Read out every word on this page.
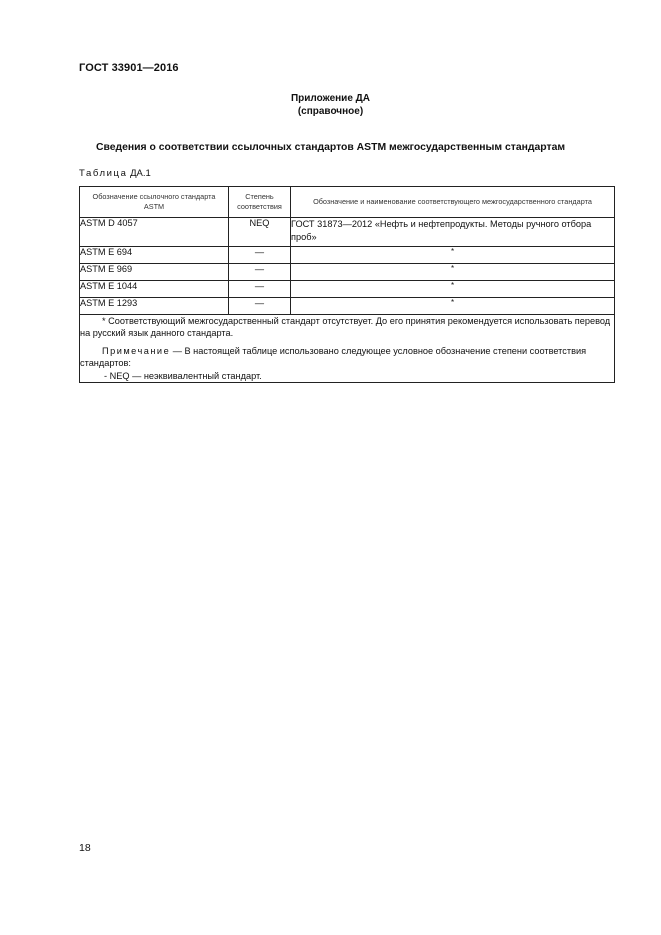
ГОСТ 33901—2016
Приложение ДА
(справочное)
Сведения о соответствии ссылочных стандартов ASTM межгосударственным стандартам
Таблица ДА.1
Обозначение ссылочного стандарта ASTM	Степень соответствия	Обозначение и наименование соответствующего межгосударственного стандарта
ASTM D 4057	NEQ	ГОСТ 31873—2012 «Нефть и нефтепродукты. Методы ручного отбора проб»
ASTM E 694	—	*
ASTM E 969	—	*
ASTM E 1044	—	*
ASTM E 1293	—	*

* Соответствующий межгосударственный стандарт отсутствует. До его принятия рекомендуется использовать перевод на русский язык данного стандарта.

Примечание — В настоящей таблице использовано следующее условное обозначение степени соответствия стандартов:

- NEQ — неэквивалентный стандарт.		

18
